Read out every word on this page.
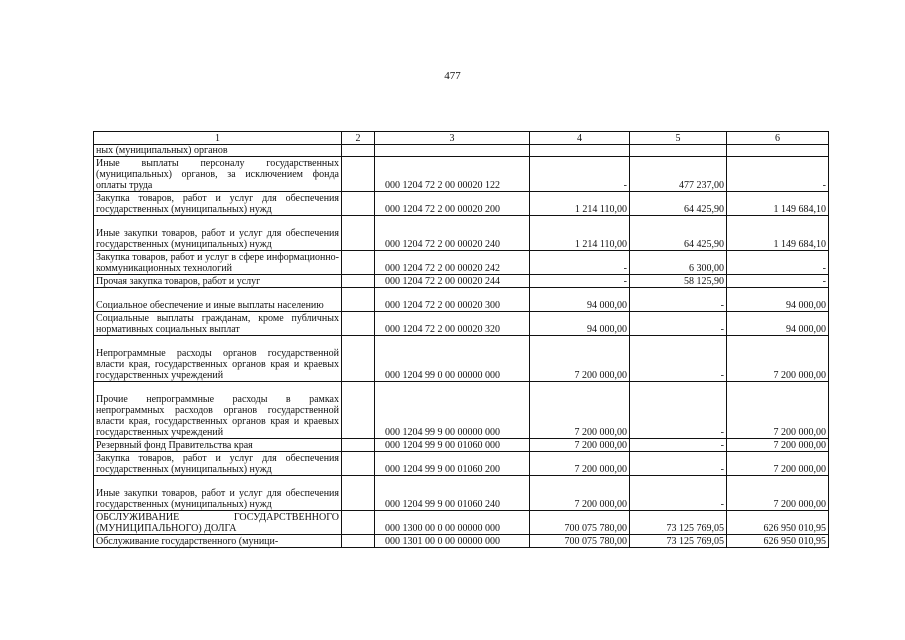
477
1	2	3	4	5	6
ных (муниципальных) органов					
Иные выплаты персоналу государственных (муниципальных) органов, за исключением фонда оплаты труда		000 1204 72 2 00 00020 122	-	477 237,00	-
Закупка товаров, работ и услуг для обеспечения государственных (муниципальных) нужд		000 1204 72 2 00 00020 200	1 214 110,00	64 425,90	1 149 684,10
Иные закупки товаров, работ и услуг для обеспечения государственных (муниципальных) нужд		000 1204 72 2 00 00020 240	1 214 110,00	64 425,90	1 149 684,10
Закупка товаров, работ и услуг в сфере информационно-коммуникационных технологий		000 1204 72 2 00 00020 242	-	6 300,00	-
Прочая закупка товаров, работ и услуг		000 1204 72 2 00 00020 244	-	58 125,90	-
Социальное обеспечение и иные выплаты населению		000 1204 72 2 00 00020 300	94 000,00	-	94 000,00
Социальные выплаты гражданам, кроме публичных нормативных социальных выплат		000 1204 72 2 00 00020 320	94 000,00	-	94 000,00
Непрограммные расходы органов государственной власти края, государственных органов края и краевых государственных учреждений		000 1204 99 0 00 00000 000	7 200 000,00	-	7 200 000,00
Прочие непрограммные расходы в рамках непрограммных расходов органов государственной власти края, государственных органов края и краевых государственных учреждений		000 1204 99 9 00 00000 000	7 200 000,00	-	7 200 000,00
Резервный фонд Правительства края		000 1204 99 9 00 01060 000	7 200 000,00	-	7 200 000,00
Закупка товаров, работ и услуг для обеспечения государственных (муниципальных) нужд		000 1204 99 9 00 01060 200	7 200 000,00	-	7 200 000,00
Иные закупки товаров, работ и услуг для обеспечения государственных (муниципальных) нужд		000 1204 99 9 00 01060 240	7 200 000,00	-	7 200 000,00
ОБСЛУЖИВАНИЕ ГОСУДАРСТВЕННОГО (МУНИЦИПАЛЬНОГО) ДОЛГА		000 1300 00 0 00 00000 000	700 075 780,00	73 125 769,05	626 950 010,95
Обслуживание государственного (муници-		000 1301 00 0 00 00000 000	700 075 780,00	73 125 769,05	626 950 010,95
